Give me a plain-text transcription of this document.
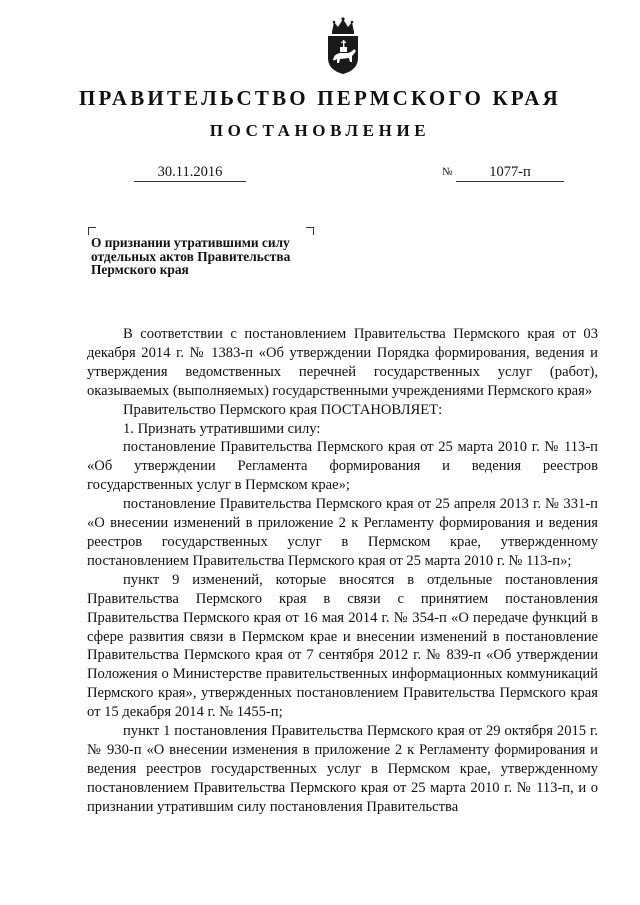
ПРАВИТЕЛЬСТВО ПЕРМСКОГО КРАЯ
ПОСТАНОВЛЕНИЕ
30.11.2016	№	1077-п
О признании утратившими силу
отдельных актов Правительства
Пермского края

В соответствии с постановлением Правительства Пермского края от 03 декабря 2014 г. № 1383-п «Об утверждении Порядка формирования, ведения и утверждения ведомственных перечней государственных услуг (работ), оказываемых (выполняемых) государственными учреждениями Пермского края»

Правительство Пермского края ПОСТАНОВЛЯЕТ:

1. Признать утратившими силу:

постановление Правительства Пермского края от 25 марта 2010 г. № 113-п «Об утверждении Регламента формирования и ведения реестров государственных услуг в Пермском крае»;

постановление Правительства Пермского края от 25 апреля 2013 г. № 331-п «О внесении изменений в приложение 2 к Регламенту формирования и ведения реестров государственных услуг в Пермском крае, утвержденному постановлением Правительства Пермского края от 25 марта 2010 г. № 113-п»;

пункт 9 изменений, которые вносятся в отдельные постановления Правительства Пермского края в связи с принятием постановления Правительства Пермского края от 16 мая 2014 г. № 354-п «О передаче функций в сфере развития связи в Пермском крае и внесении изменений в постановление Правительства Пермского края от 7 сентября 2012 г. № 839-п «Об утверждении Положения о Министерстве правительственных информационных коммуникаций Пермского края», утвержденных постановлением Правительства Пермского края от 15 декабря 2014 г. № 1455-п;

пункт 1 постановления Правительства Пермского края от 29 октября 2015 г. № 930-п «О внесении изменения в приложение 2 к Регламенту формирования и ведения реестров государственных услуг в Пермском крае, утвержденному постановлением Правительства Пермского края от 25 марта 2010 г. № 113-п, и о признании утратившим силу постановления Правительства
